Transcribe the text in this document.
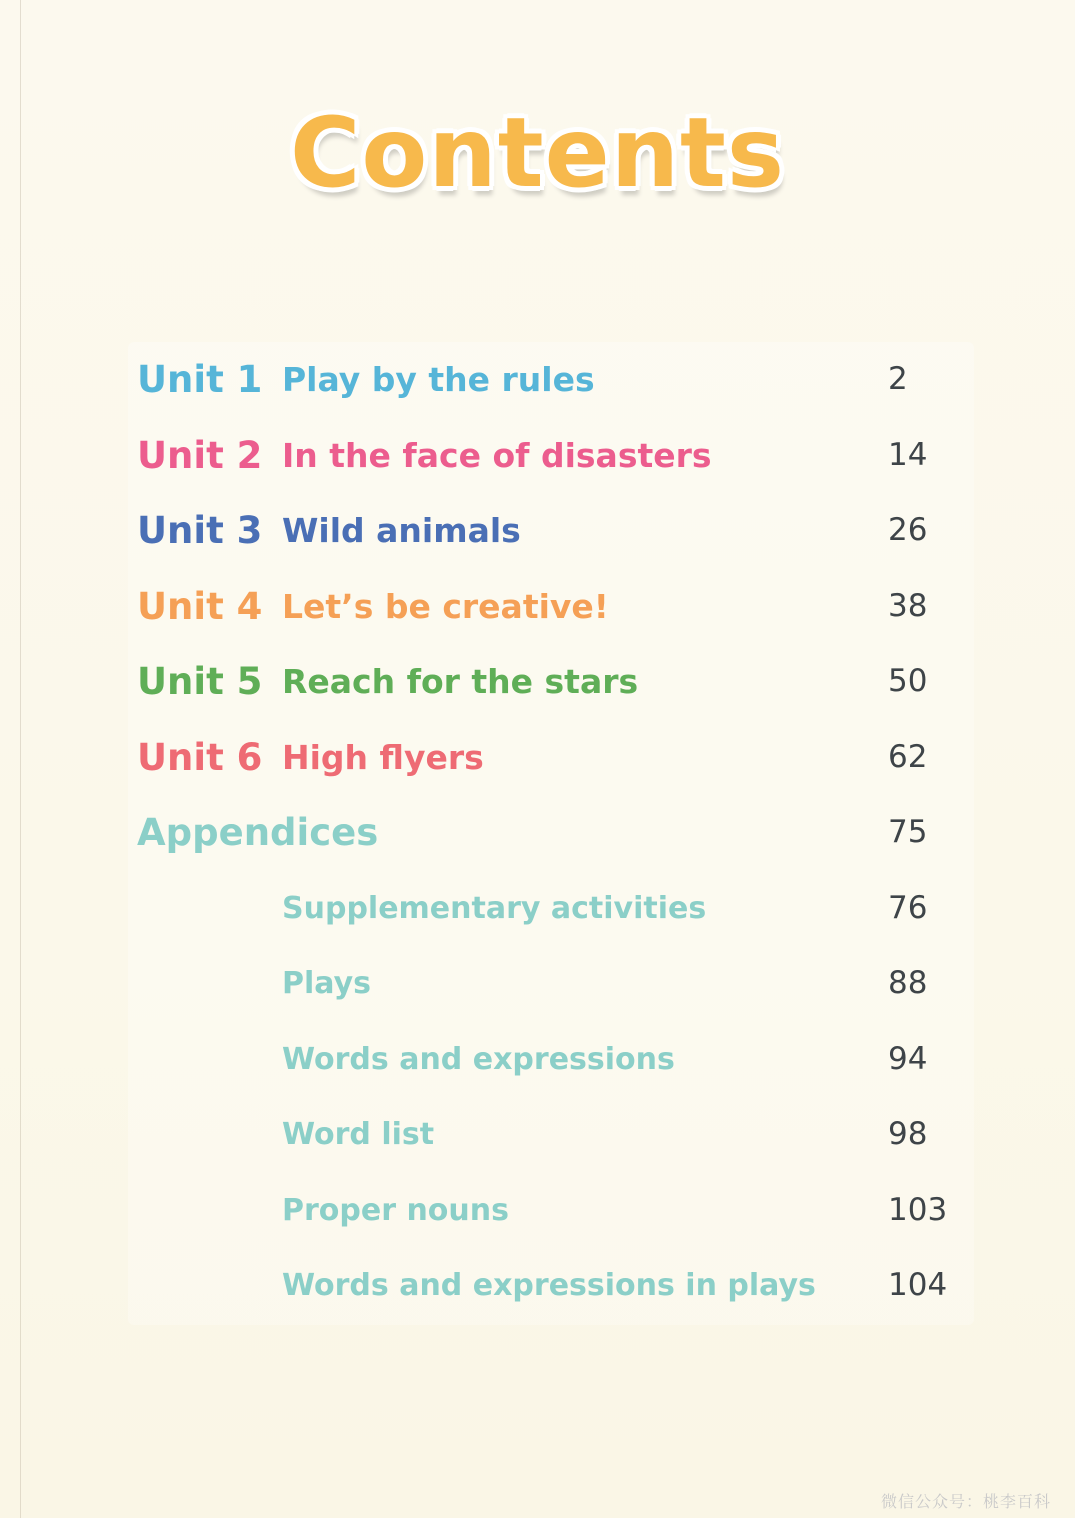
Contents
Unit 1 Play by the rules	2
Unit 2 In the face of disasters	14
Unit 3 Wild animals	26
Unit 4 Let’s be creative!	38
Unit 5 Reach for the stars	50
Unit 6 High flyers	62
Appendices	75
Supplementary activities	76
Plays	88
Words and expressions	94
Word list	98
Proper nouns	103
Words and expressions in plays 104
微信公众号：桃李百科
